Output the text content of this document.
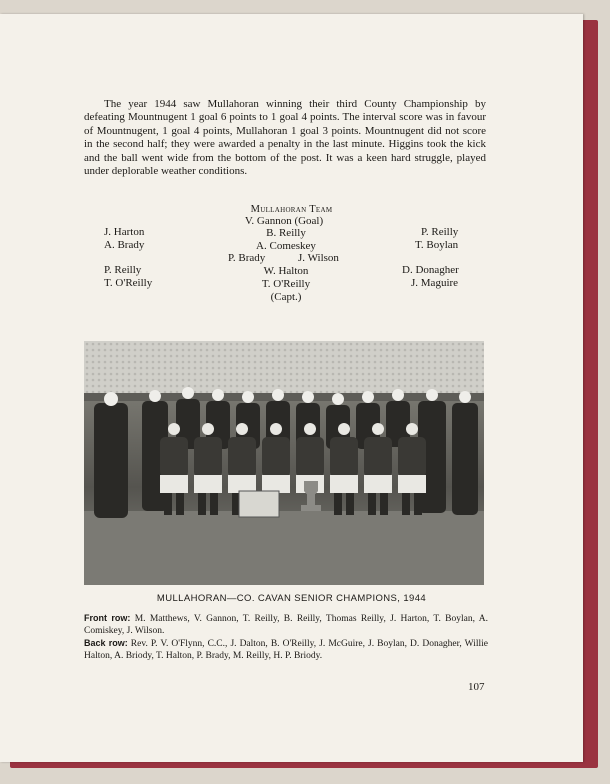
The year 1944 saw Mullahoran winning their third County Championship by defeating Mountnugent 1 goal 6 points to 1 goal 4 points. The interval score was in favour of Mountnugent, 1 goal 4 points, Mullahoran 1 goal 3 points. Mountnugent did not score in the second half; they were awarded a penalty in the last minute. Higgins took the kick and the ball went wide from the bottom of the post. It was a keen hard struggle, played under deplorable weather conditions.

Mullahoran Team
V. Gannon (Goal)
J. Harton
A. Brady
P. Reilly
T. O'Reilly
B. Reilly
A. Comeskey
P. Brady	J. Wilson
W. Halton
T. O'Reilly
(Capt.)
P. Reilly
T. Boylan
D. Donagher
J. Maguire
MULLAHORAN—CO. CAVAN SENIOR CHAMPIONS, 1944

Front row: M. Matthews, V. Gannon, T. Reilly, B. Reilly, Thomas Reilly, J. Harton, T. Boylan, A. Comiskey, J. Wilson.

Back row: Rev. P. V. O'Flynn, C.C., J. Dalton, B. O'Reilly, J. McGuire, J. Boylan, D. Donagher, Willie Halton, A. Briody, T. Halton, P. Brady, M. Reilly, H. P. Briody.

107
